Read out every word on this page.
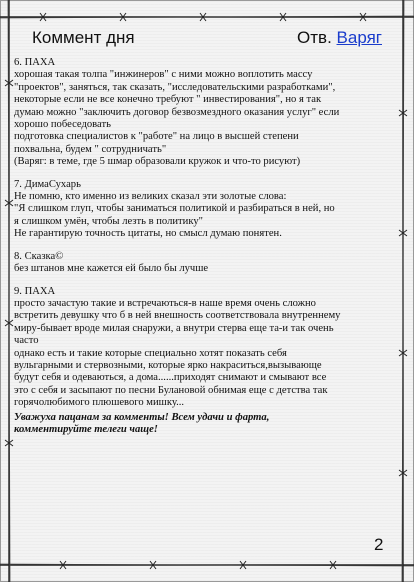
Коммент дня	Отв. Варяг
6. ПАХА
хорошая такая толпа "инжинеров" с ними можно воплотить массу
"проектов", заняться, так сказать, "исследовательскими разработками",
некоторые если не все конечно требуют " инвестирования", но я так
думаю можно "заключить договор безвозмездного оказания услуг" если
хорошо побеседовать
подготовка специалистов к "работе" на лицо в высшей степени
похвальна, будем " сотрудничать"
(Варяг: в теме, где 5 шмар образовали кружок и что-то рисуют)
7. ДимаСухарь
Не помню, кто именно из великих сказал эти золотые слова:
"Я слишком глуп, чтобы заниматься политикой и разбираться в ней, но
я слишком умён, чтобы лезть в политику"
Не гарантирую точность цитаты, но смысл думаю понятен.
8. Сказка©
без штанов мне кажется ей было бы лучше
9. ПАХА
просто зачастую такие и встречаються-в наше время очень сложно
встретить девушку что б в ней внешность соответствовала внутреннему
миру-бывает вроде милая снаружи, а внутри стерва еще та-и так очень
часто
однако есть и такие которые специально хотят показать себя
вульгарными и стервозными, которые ярко накраситься,вызывающе
будут себя и одеваються, а дома......приходят снимают и смывают все
это с себя и засыпают по песни Булановой обнимая еще с детства так
горячолюбимого плюшевого мишку...
Уважуха пацанам за комменты! Всем удачи и фарта,
комментируйте телеги чаще!
2
